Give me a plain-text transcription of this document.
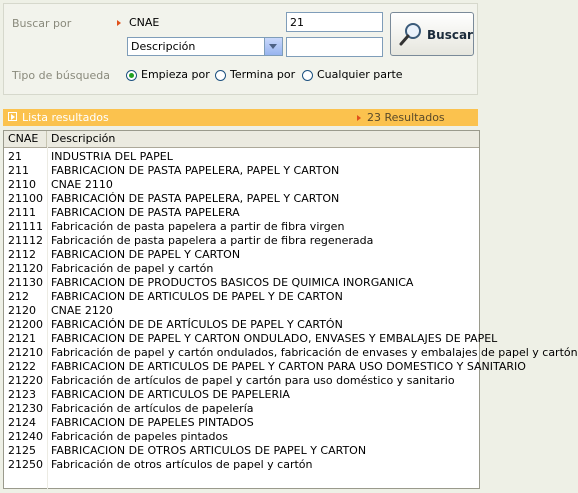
Buscar por	CNAE
21
Descripción
Buscar
Tipo de búsqueda	Empieza por Termina por Cualquier parte
Lista resultados	23 Resultados
CNAE	Descripción
21	INDUSTRIA DEL PAPEL
211	FABRICACION DE PASTA PAPELERA, PAPEL Y CARTON
2110	CNAE 2110
21100 FABRICACIÓN DE PASTA PAPELERA, PAPEL Y CARTON
2111	FABRICACION DE PASTA PAPELERA
21111 Fabricación de pasta papelera a partir de fibra virgen
21112 Fabricación de pasta papelera a partir de fibra regenerada
2112	FABRICACION DE PAPEL Y CARTON
21120 Fabricación de papel y cartón
21130 FABRICACION DE PRODUCTOS BASICOS DE QUIMICA INORGANICA
212	FABRICACION DE ARTICULOS DE PAPEL Y DE CARTON
2120	CNAE 2120
21200 FABRICACIÓN DE DE ARTÍCULOS DE PAPEL Y CARTÓN
2121	FABRICACION DE PAPEL Y CARTON ONDULADO, ENVASES Y EMBALAJES DE PAPEL
21210 Fabricación de papel y cartón ondulados, fabricación de envases y embalajes de papel y cartón
2122	FABRICACION DE ARTICULOS DE PAPEL Y CARTON PARA USO DOMESTICO Y SANITARIO
21220 Fabricación de artículos de papel y cartón para uso doméstico y sanitario
2123	FABRICACION DE ARTICULOS DE PAPELERIA
21230 Fabricación de artículos de papelería
2124	FABRICACION DE PAPELES PINTADOS
21240 Fabricación de papeles pintados
2125	FABRICACION DE OTROS ARTICULOS DE PAPEL Y CARTON
21250 Fabricación de otros artículos de papel y cartón
